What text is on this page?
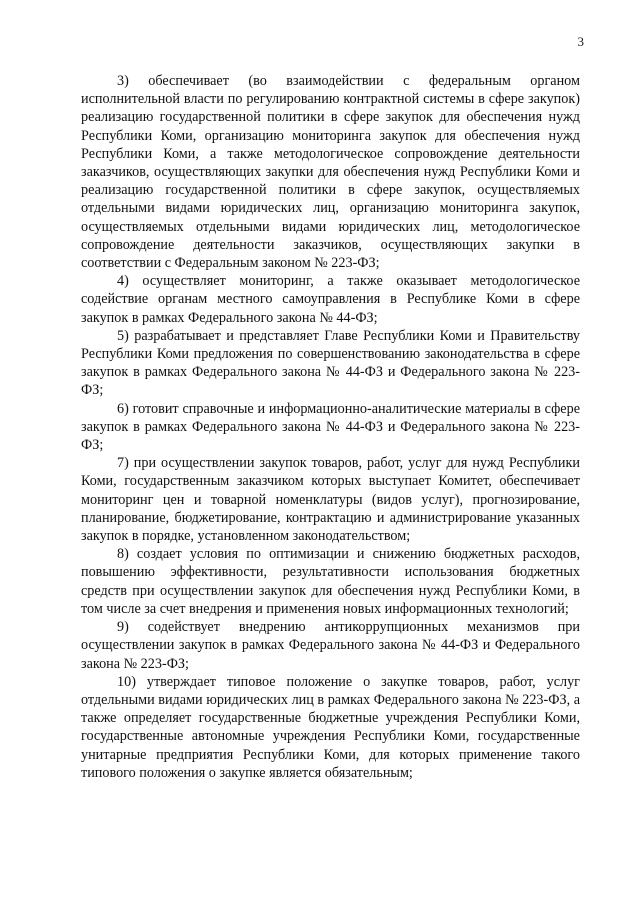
3

3) обеспечивает (во взаимодействии с федеральным органом исполнительной власти по регулированию контрактной системы в сфере закупок) реализацию государственной политики в сфере закупок для обеспечения нужд Республики Коми, организацию мониторинга закупок для обеспечения нужд Республики Коми, а также методологическое сопровождение деятельности заказчиков, осуществляющих закупки для обеспечения нужд Республики Коми и реализацию государственной политики в сфере закупок, осуществляемых отдельными видами юридических лиц, организацию мониторинга закупок, осуществляемых отдельными видами юридических лиц, методологическое сопровождение деятельности заказчиков, осуществляющих закупки в соответствии с Федеральным законом № 223-ФЗ;

4) осуществляет мониторинг, а также оказывает методологическое содействие органам местного самоуправления в Республике Коми в сфере закупок в рамках Федерального закона № 44-ФЗ;

5) разрабатывает и представляет Главе Республики Коми и Правительству Республики Коми предложения по совершенствованию законодательства в сфере закупок в рамках Федерального закона № 44-ФЗ и Федерального закона № 223-ФЗ;

6) готовит справочные и информационно-аналитические материалы в сфере закупок в рамках Федерального закона № 44-ФЗ и Федерального закона № 223-ФЗ;

7) при осуществлении закупок товаров, работ, услуг для нужд Республики Коми, государственным заказчиком которых выступает Комитет, обеспечивает мониторинг цен и товарной номенклатуры (видов услуг), прогнозирование, планирование, бюджетирование, контрактацию и администрирование указанных закупок в порядке, установленном законодательством;

8) создает условия по оптимизации и снижению бюджетных расходов, повышению эффективности, результативности использования бюджетных средств при осуществлении закупок для обеспечения нужд Республики Коми, в том числе за счет внедрения и применения новых информационных технологий;

9) содействует внедрению антикоррупционных механизмов при осуществлении закупок в рамках Федерального закона № 44-ФЗ и Федерального закона № 223-ФЗ;

10) утверждает типовое положение о закупке товаров, работ, услуг отдельными видами юридических лиц в рамках Федерального закона № 223-ФЗ, а также определяет государственные бюджетные учреждения Республики Коми, государственные автономные учреждения Республики Коми, государственные унитарные предприятия Республики Коми, для которых применение такого типового положения о закупке является обязательным;
